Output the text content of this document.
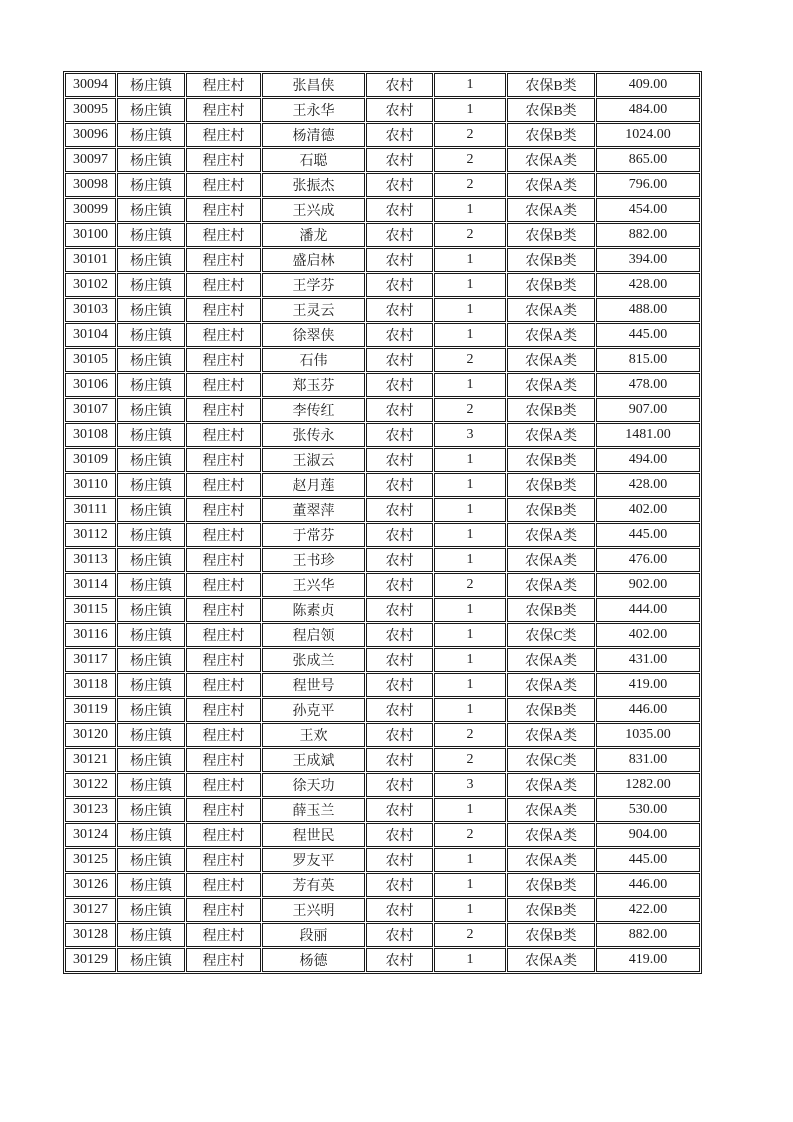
30094	杨庄镇	程庄村	张昌侠	农村	1	农保B类	409.00
30095	杨庄镇	程庄村	王永华	农村	1	农保B类	484.00
30096	杨庄镇	程庄村	杨清德	农村	2	农保B类	1024.00
30097	杨庄镇	程庄村	石聪	农村	2	农保A类	865.00
30098	杨庄镇	程庄村	张振杰	农村	2	农保A类	796.00
30099	杨庄镇	程庄村	王兴成	农村	1	农保A类	454.00
30100	杨庄镇	程庄村	潘龙	农村	2	农保B类	882.00
30101	杨庄镇	程庄村	盛启林	农村	1	农保B类	394.00
30102	杨庄镇	程庄村	王学芬	农村	1	农保B类	428.00
30103	杨庄镇	程庄村	王灵云	农村	1	农保A类	488.00
30104	杨庄镇	程庄村	徐翠侠	农村	1	农保A类	445.00
30105	杨庄镇	程庄村	石伟	农村	2	农保A类	815.00
30106	杨庄镇	程庄村	郑玉芬	农村	1	农保A类	478.00
30107	杨庄镇	程庄村	李传红	农村	2	农保B类	907.00
30108	杨庄镇	程庄村	张传永	农村	3	农保A类	1481.00
30109	杨庄镇	程庄村	王淑云	农村	1	农保B类	494.00
30110	杨庄镇	程庄村	赵月莲	农村	1	农保B类	428.00
30111	杨庄镇	程庄村	董翠萍	农村	1	农保B类	402.00
30112	杨庄镇	程庄村	于常芬	农村	1	农保A类	445.00
30113	杨庄镇	程庄村	王书珍	农村	1	农保A类	476.00
30114	杨庄镇	程庄村	王兴华	农村	2	农保A类	902.00
30115	杨庄镇	程庄村	陈素贞	农村	1	农保B类	444.00
30116	杨庄镇	程庄村	程启领	农村	1	农保C类	402.00
30117	杨庄镇	程庄村	张成兰	农村	1	农保A类	431.00
30118	杨庄镇	程庄村	程世号	农村	1	农保A类	419.00
30119	杨庄镇	程庄村	孙克平	农村	1	农保B类	446.00
30120	杨庄镇	程庄村	王欢	农村	2	农保A类	1035.00
30121	杨庄镇	程庄村	王成斌	农村	2	农保C类	831.00
30122	杨庄镇	程庄村	徐天功	农村	3	农保A类	1282.00
30123	杨庄镇	程庄村	薛玉兰	农村	1	农保A类	530.00
30124	杨庄镇	程庄村	程世民	农村	2	农保A类	904.00
30125	杨庄镇	程庄村	罗友平	农村	1	农保A类	445.00
30126	杨庄镇	程庄村	芳有英	农村	1	农保B类	446.00
30127	杨庄镇	程庄村	王兴明	农村	1	农保B类	422.00
30128	杨庄镇	程庄村	段丽	农村	2	农保B类	882.00
30129	杨庄镇	程庄村	杨德	农村	1	农保A类	419.00
